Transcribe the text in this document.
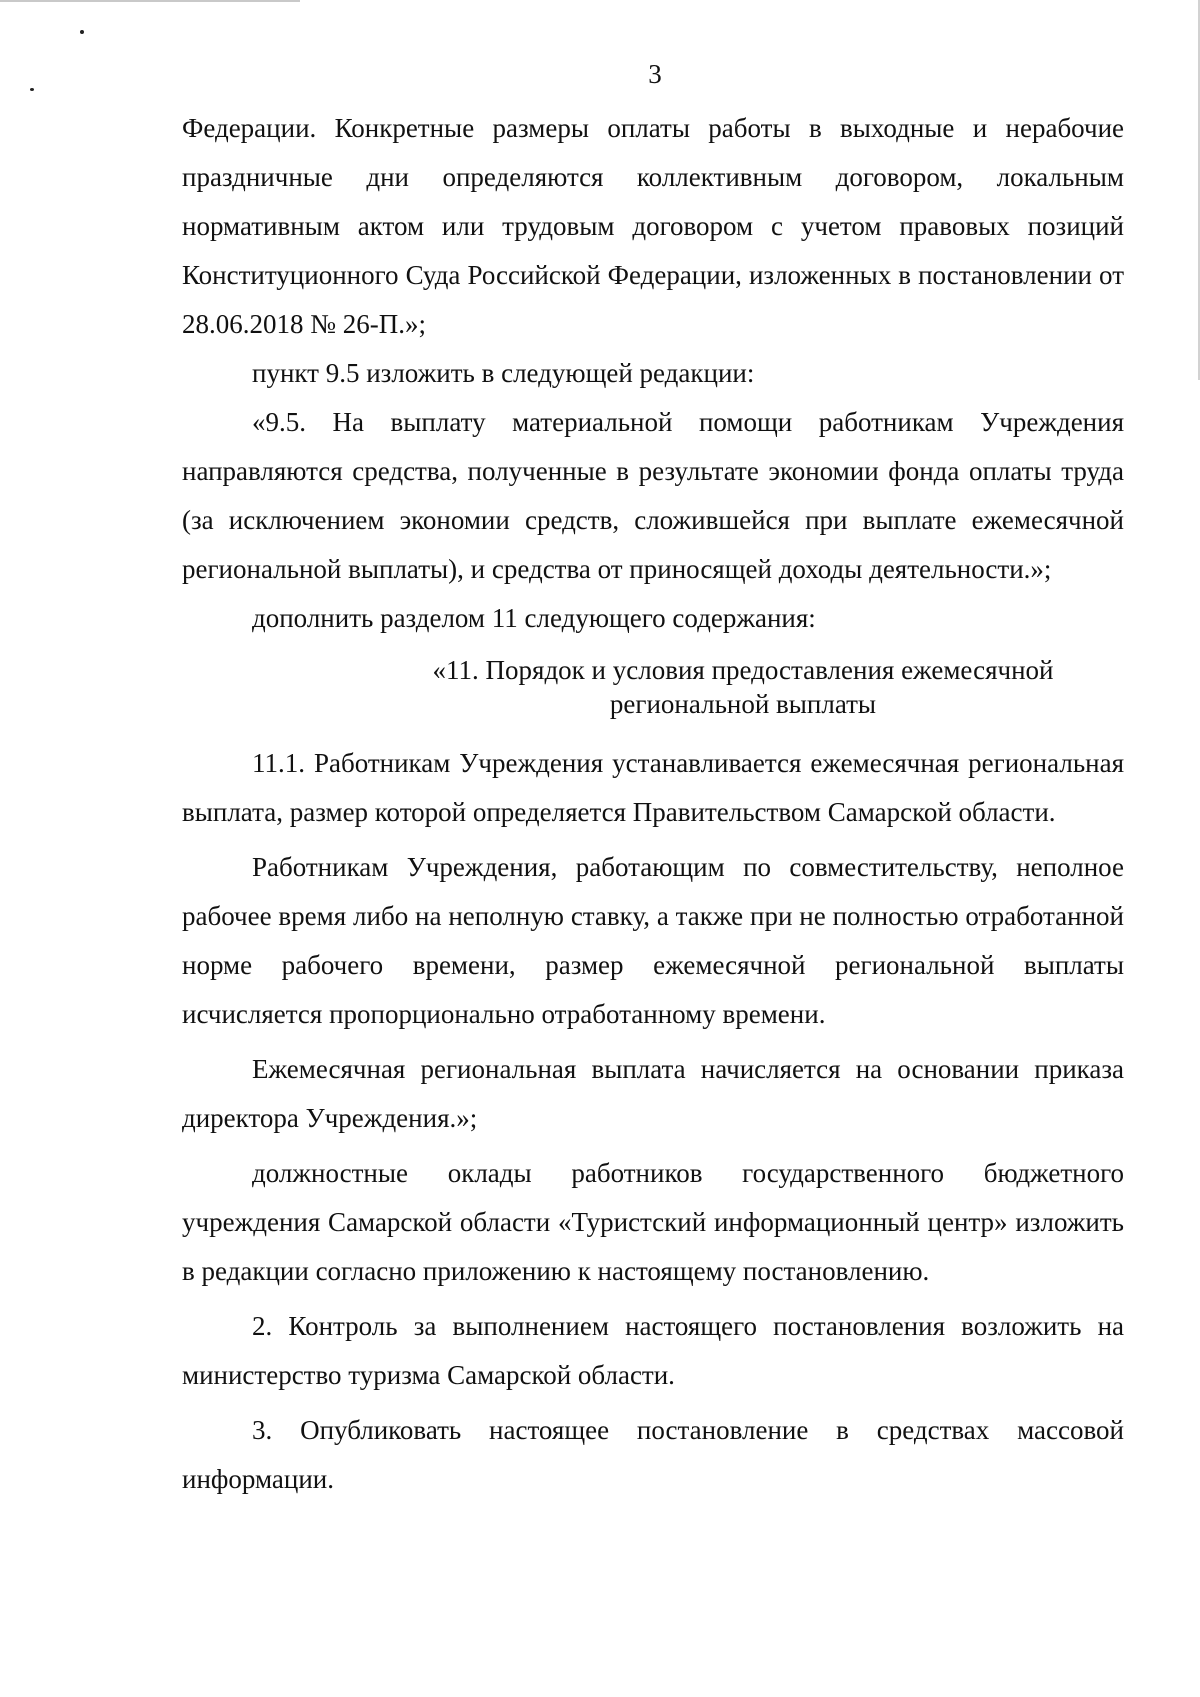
3

Федерации. Конкретные размеры оплаты работы в выходные и нерабочие праздничные дни определяются коллективным договором, локальным нормативным актом или трудовым договором с учетом правовых позиций Конституционного Суда Российской Федерации, изложенных в постановлении от 28.06.2018 № 26-П.»;

пункт 9.5 изложить в следующей редакции:

«9.5. На выплату материальной помощи работникам Учреждения направляются средства, полученные в результате экономии фонда оплаты труда (за исключением экономии средств, сложившейся при выплате ежемесячной региональной выплаты), и средства от приносящей доходы деятельности.»;

дополнить разделом 11 следующего содержания:

«11. Порядок и условия предоставления ежемесячной
региональной выплаты

11.1. Работникам Учреждения устанавливается ежемесячная региональная выплата, размер которой определяется Правительством Самарской области.

Работникам Учреждения, работающим по совместительству, неполное рабочее время либо на неполную ставку, а также при не полностью отработанной норме рабочего времени, размер ежемесячной региональной выплаты исчисляется пропорционально отработанному времени.

Ежемесячная региональная выплата начисляется на основании приказа директора Учреждения.»;

должностные оклады работников государственного бюджетного учреждения Самарской области «Туристский информационный центр» изложить в редакции согласно приложению к настоящему постановлению.

2. Контроль за выполнением настоящего постановления возложить на министерство туризма Самарской области.

3. Опубликовать настоящее постановление в средствах массовой информации.
